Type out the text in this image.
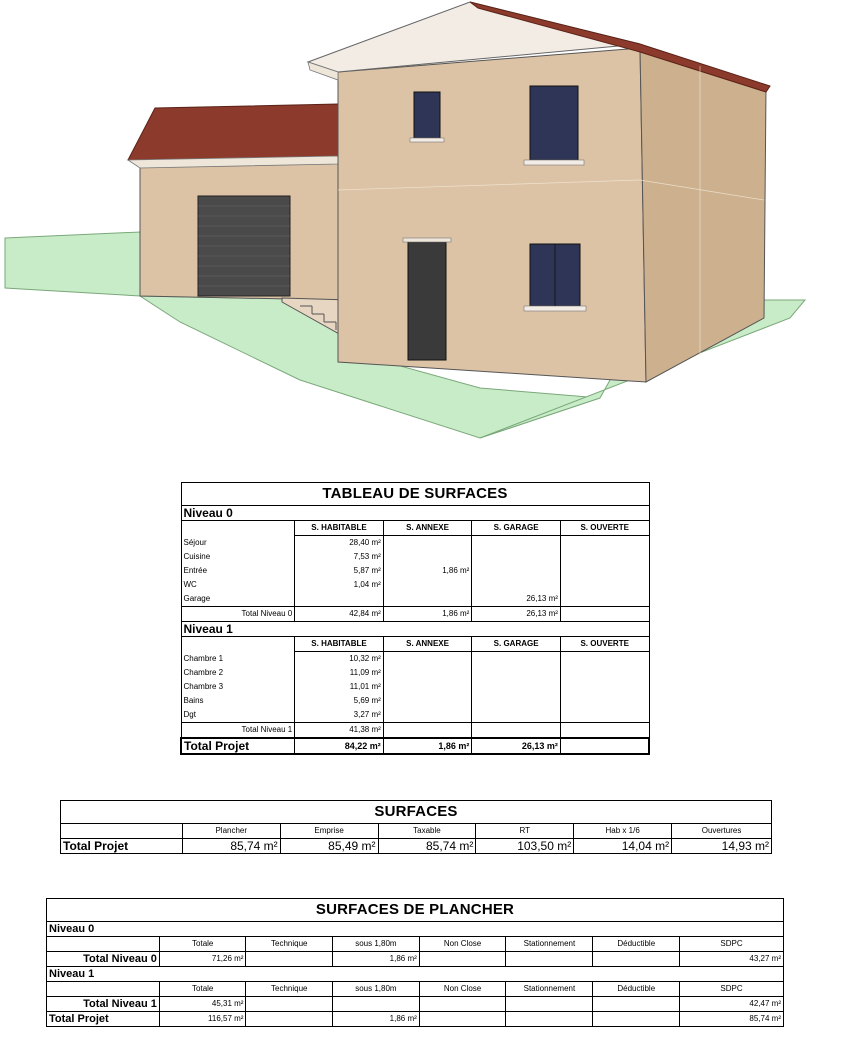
TABLEAU DE SURFACES				
Niveau 0				
	S. HABITABLE	S. ANNEXE	S. GARAGE	S. OUVERTE
Séjour	28,40 m²			
Cuisine	7,53 m²			
Entrée	5,87 m²	1,86 m²		
WC	1,04 m²			
Garage			26,13 m²	
Total Niveau 0	42,84 m²	1,86 m²	26,13 m²	
Niveau 1				
	S. HABITABLE	S. ANNEXE	S. GARAGE	S. OUVERTE
Chambre 1	10,32 m²			
Chambre 2	11,09 m²			
Chambre 3	11,01 m²			
Bains	5,69 m²			
Dgt	3,27 m²			
Total Niveau 1	41,38 m²			
Total Projet	84,22 m²	1,86 m²	26,13 m²	
SURFACES						
	Plancher	Emprise	Taxable	RT	Hab x 1/6	Ouvertures
Total Projet	85,74 m²	85,49 m²	85,74 m²	103,50 m²	14,04 m²	14,93 m²
SURFACES DE PLANCHER							
Niveau 0							
	Totale	Technique	sous 1,80m	Non Close	Stationnement	Déductible	SDPC
Total Niveau 0	71,26 m²		1,86 m²				43,27 m²
Niveau 1							
	Totale	Technique	sous 1,80m	Non Close	Stationnement	Déductible	SDPC
Total Niveau 1	45,31 m²						42,47 m²
Total Projet	116,57 m²		1,86 m²				85,74 m²
